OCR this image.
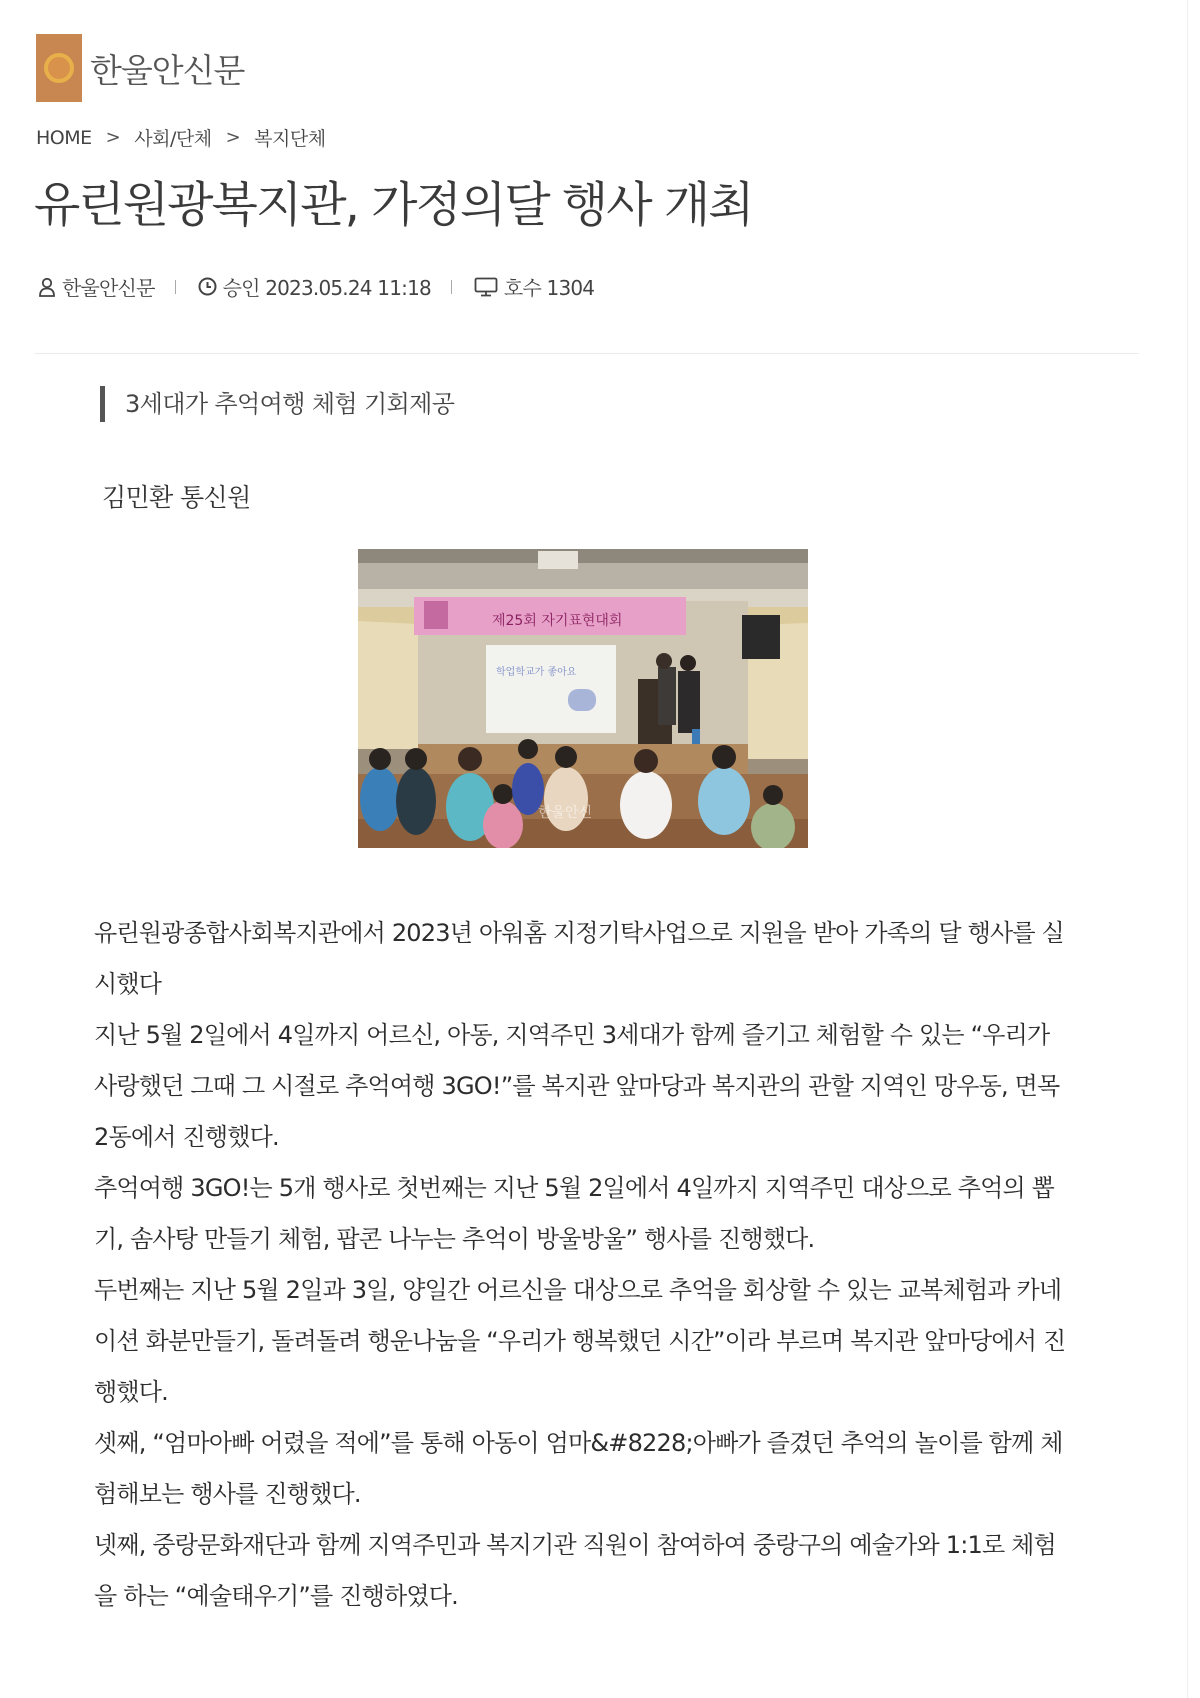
한울안신문
HOME > 사회/단체 > 복지단체
유린원광복지관, 가정의달 행사 개최
한울안신문	승인 2023.05.24 11:18	호수 1304
3세대가 추억여행 체험 기회제공
김민환 통신원
제25회 자기표현대회
학업학교가 좋아요
한울안신

유린원광종합사회복지관에서 2023년 아워홈 지정기탁사업으로 지원을 받아 가족의 달 행사를 실시했다

지난 5월 2일에서 4일까지 어르신, 아동, 지역주민 3세대가 함께 즐기고 체험할 수 있는 “우리가 사랑했던 그때 그 시절로 추억여행 3GO!”를 복지관 앞마당과 복지관의 관할 지역인 망우동, 면목2동에서 진행했다.

추억여행 3GO!는 5개 행사로 첫번째는 지난 5월 2일에서 4일까지 지역주민 대상으로 추억의 뽑기, 솜사탕 만들기 체험, 팝콘 나누는 추억이 방울방울” 행사를 진행했다.

두번째는 지난 5월 2일과 3일, 양일간 어르신을 대상으로 추억을 회상할 수 있는 교복체험과 카네이션 화분만들기, 돌려돌려 행운나눔을 “우리가 행복했던 시간”이라 부르며 복지관 앞마당에서 진행했다.

셋째, “엄마아빠 어렸을 적에”를 통해 아동이 엄마&#8228;아빠가 즐겼던 추억의 놀이를 함께 체험해보는 행사를 진행했다.

넷째, 중랑문화재단과 함께 지역주민과 복지기관 직원이 참여하여 중랑구의 예술가와 1:1로 체험을 하는 “예술태우기”를 진행하였다.
